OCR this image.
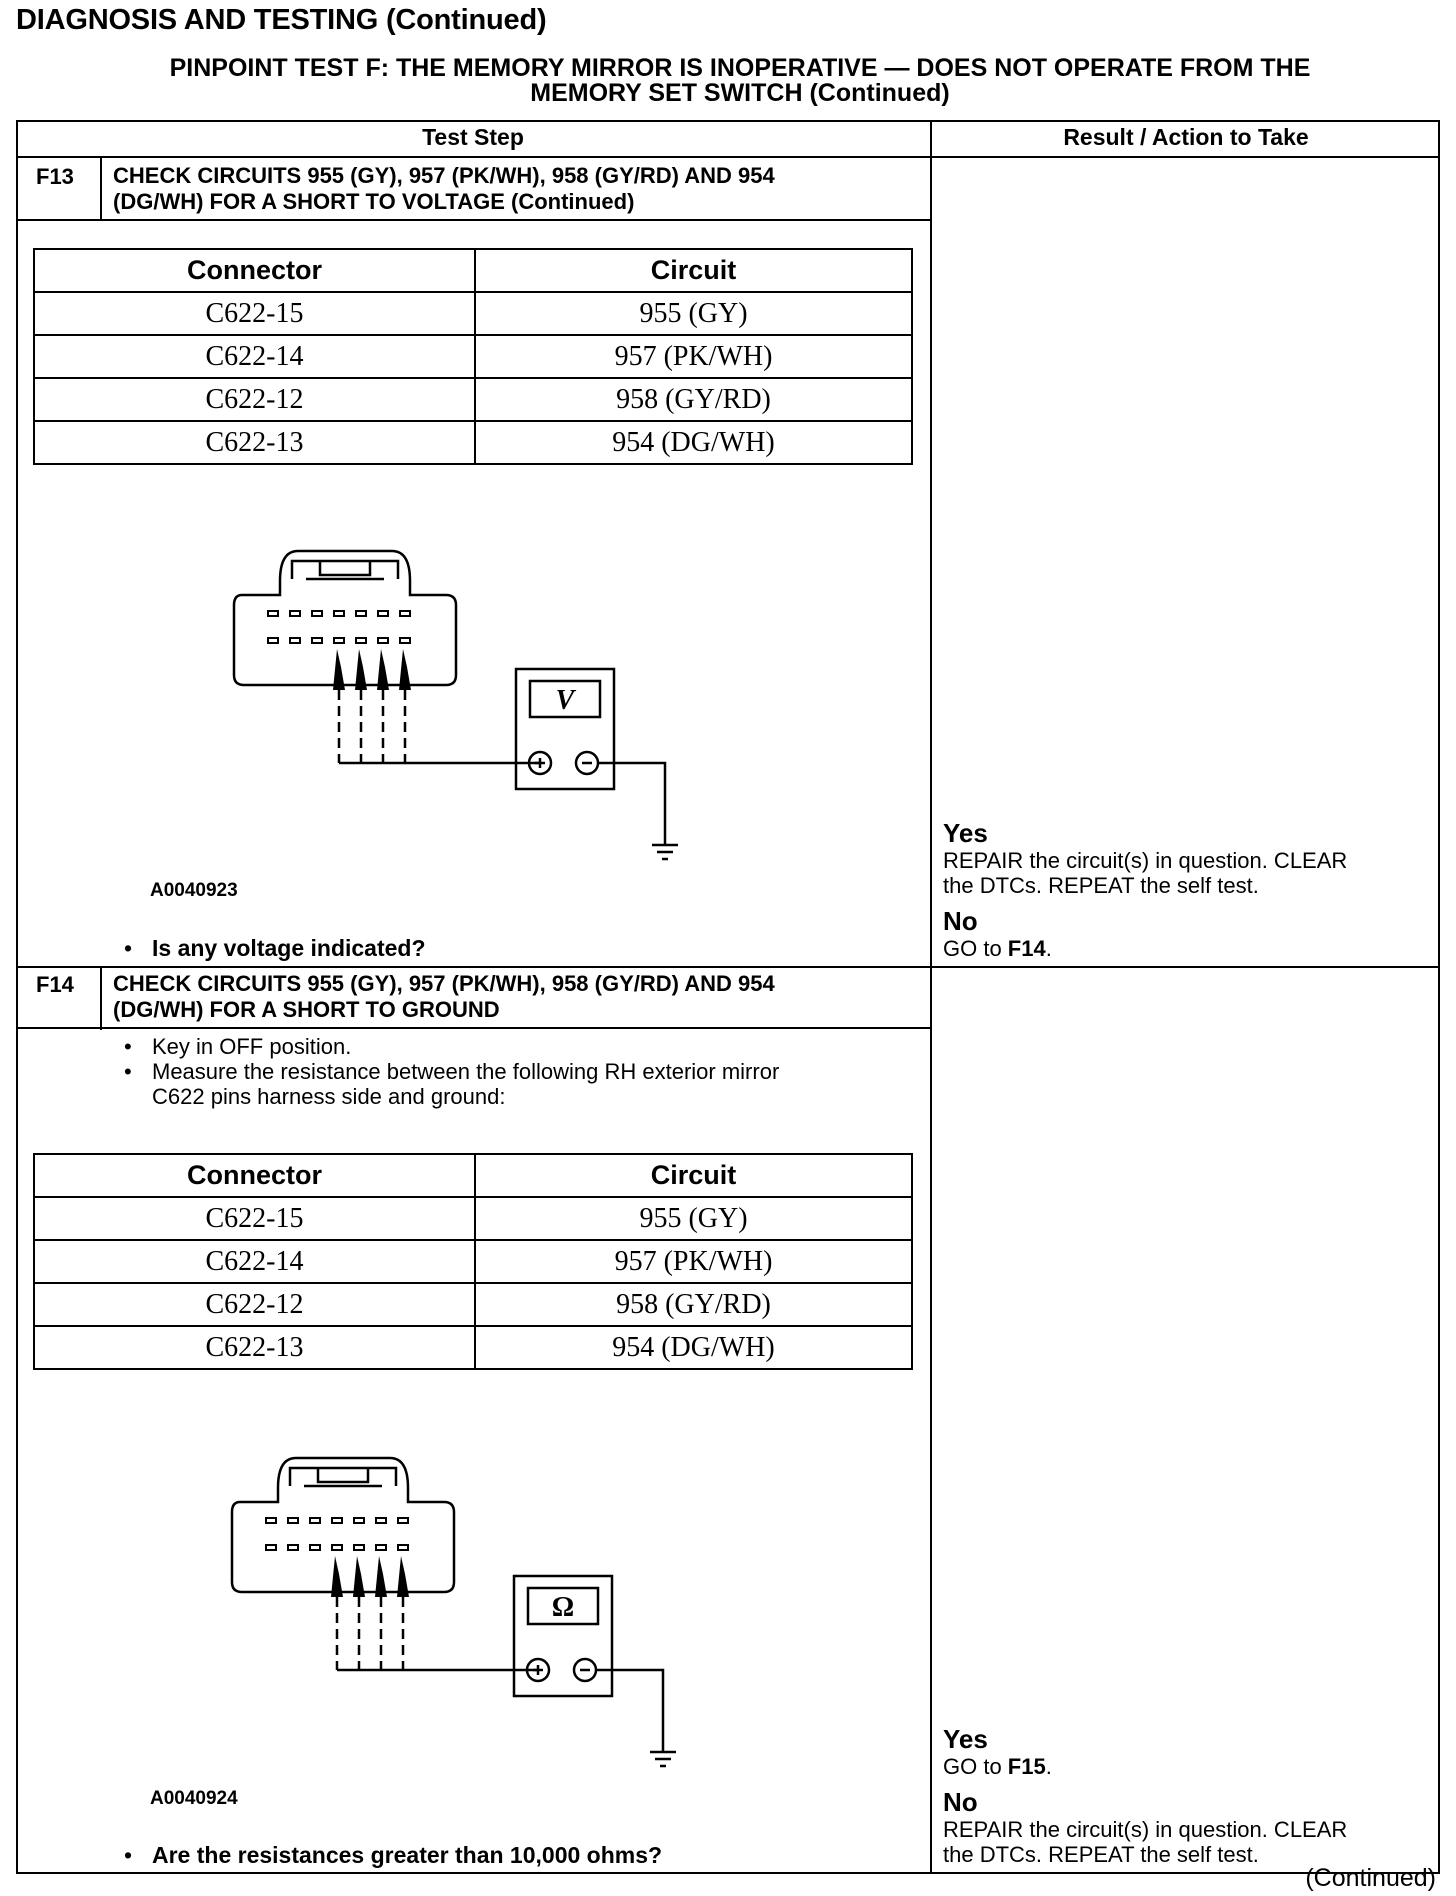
DIAGNOSIS AND TESTING (Continued)
PINPOINT TEST F: THE MEMORY MIRROR IS INOPERATIVE — DOES NOT OPERATE FROM THE
MEMORY SET SWITCH (Continued)
Test Step	Result / Action to Take
F13 CHECK CIRCUITS 955 (GY), 957 (PK/WH), 958 (GY/RD) AND 954
(DG/WH) FOR A SHORT TO VOLTAGE (Continued)
Connector	Circuit
C622-15	955 (GY)
C622-14	957 (PK/WH)
C622-12	958 (GY/RD)
C622-13	954 (DG/WH)
V
A0040923

• Is any voltage indicated?
Yes
REPAIR the circuit(s) in question. CLEAR
the DTCs. REPEAT the self test.
No
GO to F14.
F14 CHECK CIRCUITS 955 (GY), 957 (PK/WH), 958 (GY/RD) AND 954
(DG/WH) FOR A SHORT TO GROUND
• Key in OFF position.
• Measure the resistance between the following RH exterior mirror
C622 pins harness side and ground:
Connector	Circuit
C622-15	955 (GY)
C622-14	957 (PK/WH)
C622-12	958 (GY/RD)
C622-13	954 (DG/WH)
Ω
A0040924

• Are the resistances greater than 10,000 ohms?
Yes
GO to F15.
No
REPAIR the circuit(s) in question. CLEAR
the DTCs. REPEAT the self test.
(Continued)
